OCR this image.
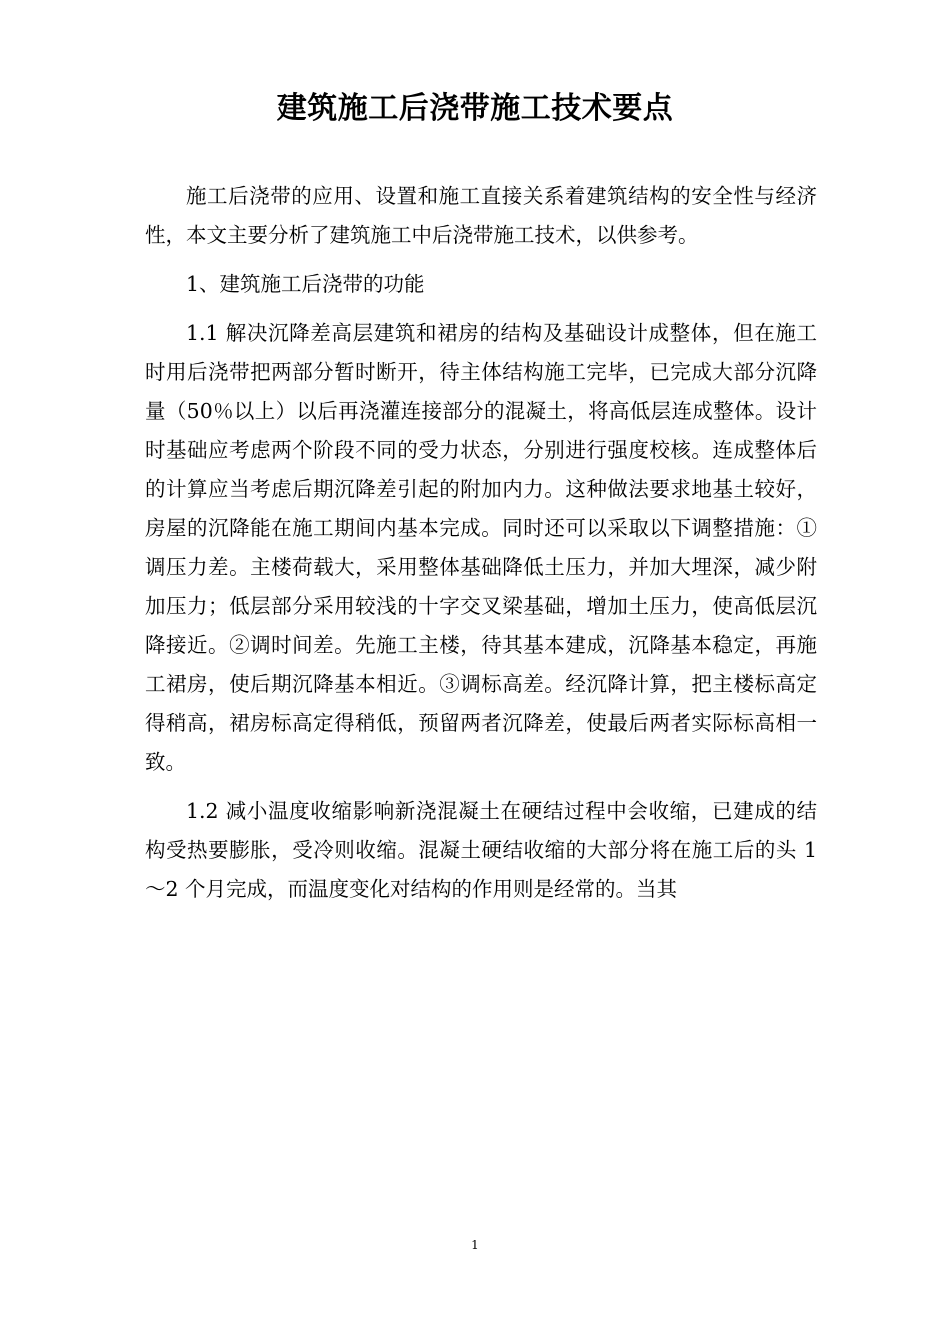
建筑施工后浇带施工技术要点

施工后浇带的应用、设置和施工直接关系着建筑结构的安全性与经济性，本文主要分析了建筑施工中后浇带施工技术，以供参考。

1、建筑施工后浇带的功能

1.1 解决沉降差高层建筑和裙房的结构及基础设计成整体，但在施工时用后浇带把两部分暂时断开，待主体结构施工完毕，已完成大部分沉降量（50％以上）以后再浇灌连接部分的混凝土，将高低层连成整体。设计时基础应考虑两个阶段不同的受力状态，分别进行强度校核。连成整体后的计算应当考虑后期沉降差引起的附加内力。这种做法要求地基土较好，房屋的沉降能在施工期间内基本完成。同时还可以采取以下调整措施：①调压力差。主楼荷载大，采用整体基础降低土压力，并加大埋深，减少附加压力；低层部分采用较浅的十字交叉梁基础，增加土压力，使高低层沉降接近。②调时间差。先施工主楼，待其基本建成，沉降基本稳定，再施工裙房，使后期沉降基本相近。③调标高差。经沉降计算，把主楼标高定得稍高，裙房标高定得稍低，预留两者沉降差，使最后两者实际标高相一致。

1.2 减小温度收缩影响新浇混凝土在硬结过程中会收缩，已建成的结构受热要膨胀，受冷则收缩。混凝土硬结收缩的大部分将在施工后的头 1～2 个月完成，而温度变化对结构的作用则是经常的。当其

1
